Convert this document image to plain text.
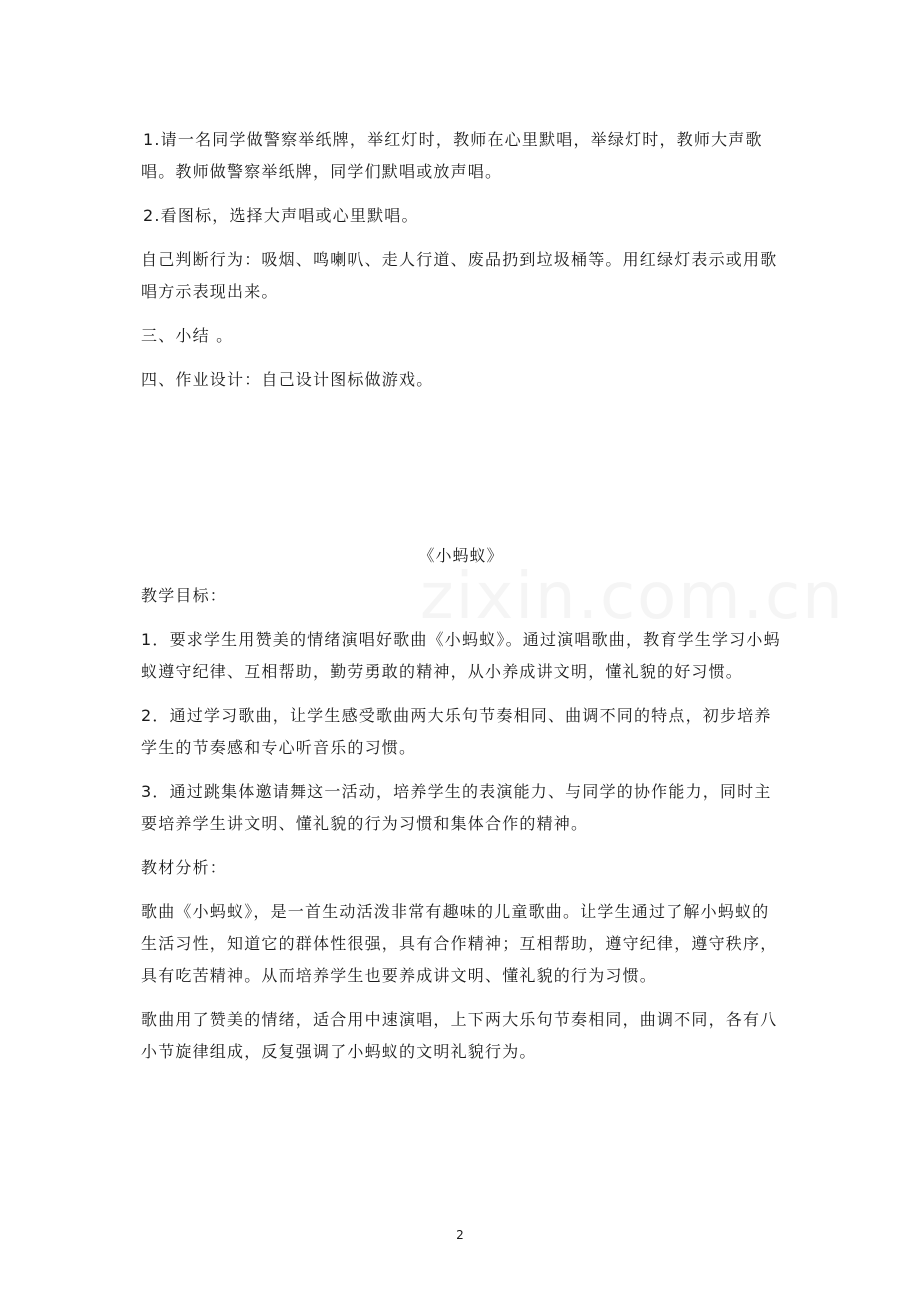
zixin.com.cn

1.请一名同学做警察举纸牌，举红灯时，教师在心里默唱，举绿灯时，教师大声歌唱。教师做警察举纸牌，同学们默唱或放声唱。

2.看图标，选择大声唱或心里默唱。

自己判断行为：吸烟、鸣喇叭、走人行道、废品扔到垃圾桶等。用红绿灯表示或用歌唱方示表现出来。

三、小结 。

四、作业设计：自己设计图标做游戏。

《小蚂蚁》

教学目标：

1．要求学生用赞美的情绪演唱好歌曲《小蚂蚁》。通过演唱歌曲，教育学生学习小蚂蚁遵守纪律、互相帮助，勤劳勇敢的精神，从小养成讲文明，懂礼貌的好习惯。

2．通过学习歌曲，让学生感受歌曲两大乐句节奏相同、曲调不同的特点，初步培养学生的节奏感和专心听音乐的习惯。

3．通过跳集体邀请舞这一活动，培养学生的表演能力、与同学的协作能力，同时主要培养学生讲文明、懂礼貌的行为习惯和集体合作的精神。

教材分析：

歌曲《小蚂蚁》，是一首生动活泼非常有趣味的儿童歌曲。让学生通过了解小蚂蚁的生活习性，知道它的群体性很强，具有合作精神；互相帮助，遵守纪律，遵守秩序，具有吃苦精神。从而培养学生也要养成讲文明、懂礼貌的行为习惯。

歌曲用了赞美的情绪，适合用中速演唱，上下两大乐句节奏相同，曲调不同，各有八小节旋律组成，反复强调了小蚂蚁的文明礼貌行为。

2
